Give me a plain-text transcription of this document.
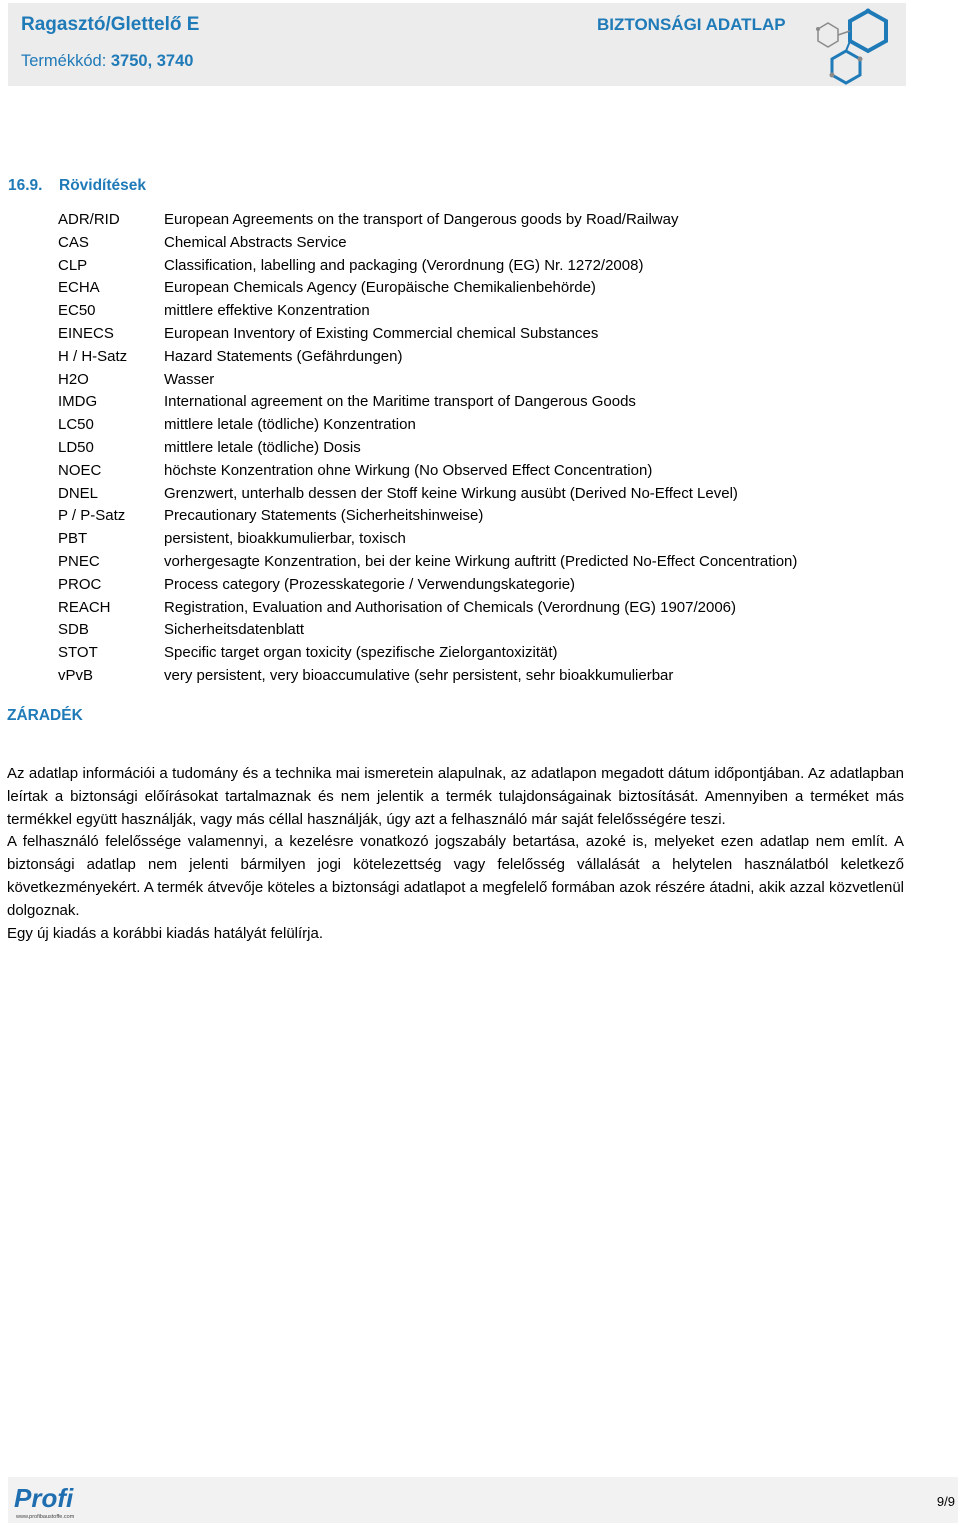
Ragasztó/Glettelő E
Termékkód: 3750, 3740
BIZTONSÁGI ADATLAP
16.9. Rövidítések
ADR/RID	European Agreements on the transport of Dangerous goods by Road/Railway
CAS	Chemical Abstracts Service
CLP	Classification, labelling and packaging (Verordnung (EG) Nr. 1272/2008)
ECHA	European Chemicals Agency (Europäische Chemikalienbehörde)
EC50	mittlere effektive Konzentration
EINECS	European Inventory of Existing Commercial chemical Substances
H / H-Satz	Hazard Statements (Gefährdungen)
H2O	Wasser
IMDG	International agreement on the Maritime transport of Dangerous Goods
LC50	mittlere letale (tödliche) Konzentration
LD50	mittlere letale (tödliche) Dosis
NOEC	höchste Konzentration ohne Wirkung (No Observed Effect Concentration)
DNEL	Grenzwert, unterhalb dessen der Stoff keine Wirkung ausübt (Derived No-Effect Level)
P / P-Satz	Precautionary Statements (Sicherheitshinweise)
PBT	persistent, bioakkumulierbar, toxisch
PNEC	vorhergesagte Konzentration, bei der keine Wirkung auftritt (Predicted No-Effect Concentration)
PROC	Process category (Prozesskategorie / Verwendungskategorie)
REACH	Registration, Evaluation and Authorisation of Chemicals (Verordnung (EG) 1907/2006)
SDB	Sicherheitsdatenblatt
STOT	Specific target organ toxicity (spezifische Zielorgantoxizität)
vPvB	very persistent, very bioaccumulative (sehr persistent, sehr bioakkumulierbar
ZÁRADÉK

Az adatlap információi a tudomány és a technika mai ismeretein alapulnak, az adatlapon megadott dátum időpontjában. Az adatlapban leírtak a biztonsági előírásokat tartalmaznak és nem jelentik a termék tulajdonságainak biztosítását. Amennyiben a terméket más termékkel együtt használják, vagy más céllal használják, úgy azt a felhasználó már saját felelősségére teszi.

A felhasználó felelőssége valamennyi, a kezelésre vonatkozó jogszabály betartása, azoké is, melyeket ezen adatlap nem említ. A biztonsági adatlap nem jelenti bármilyen jogi kötelezettség vagy felelősség vállalását a helytelen használatból keletkező következményekért. A termék átvevője köteles a biztonsági adatlapot a megfelelő formában azok részére átadni, akik azzal közvetlenül dolgoznak.

Egy új kiadás a korábbi kiadás hatályát felülírja.

Profi
www.profibaustoffe.com
9/9
